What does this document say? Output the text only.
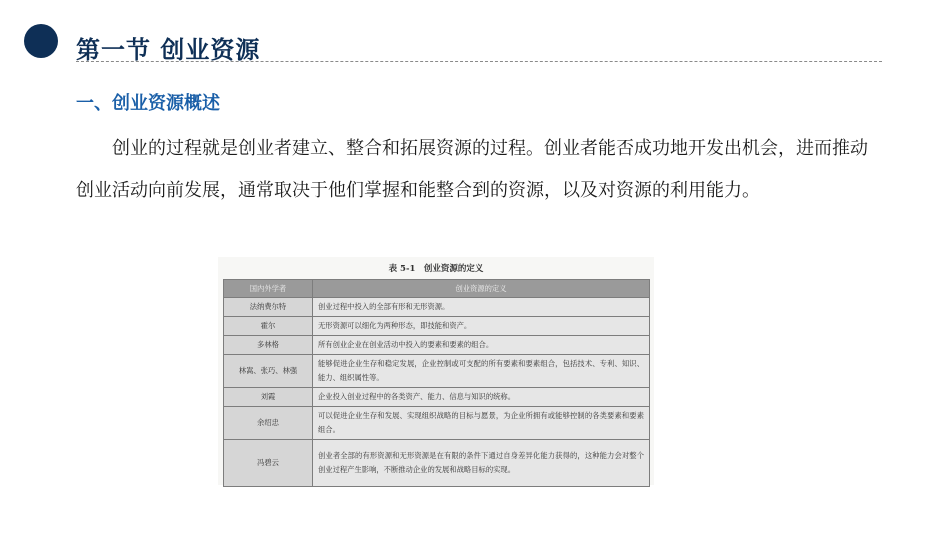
第一节 创业资源
一、创业资源概述
创业的过程就是创业者建立、整合和拓展资源的过程。创业者能否成功地开发出机会，进而推动创业活动向前发展，通常取决于他们掌握和能整合到的资源，以及对资源的利用能力。
表 5-1　创业资源的定义
国内外学者	创业资源的定义
法纳费尔特	创业过程中投入的全部有形和无形资源。
霍尔	无形资源可以细化为两种形态，即技能和资产。
多林格	所有创业企业在创业活动中投入的要素和要素的组合。
林嵩、张巧、林强	能够促进企业生存和稳定发展，企业控制或可支配的所有要素和要素组合，包括技术、专利、知识、能力、组织属性等。
刘霞	企业投入创业过程中的各类资产、能力、信息与知识的统称。
余绍忠	可以促进企业生存和发展、实现组织战略的目标与愿景，为企业所拥有或能够控制的各类要素和要素组合。
冯碧云	创业者全部的有形资源和无形资源是在有限的条件下通过自身差异化能力获得的，这种能力会对整个创业过程产生影响，不断推动企业的发展和战略目标的实现。
